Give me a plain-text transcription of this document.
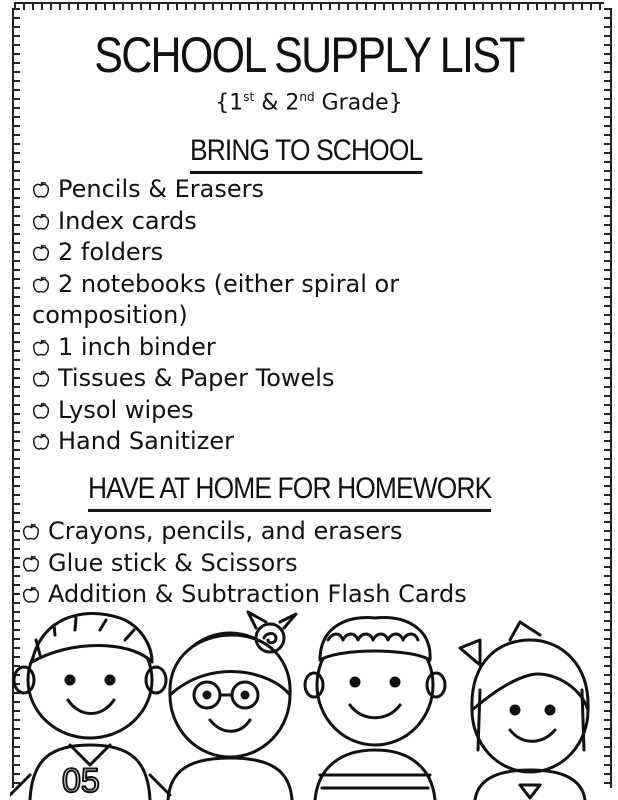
SCHOOL SUPPLY LIST
{1st & 2nd Grade}
BRING TO SCHOOL
Pencils & Erasers
Index cards
2 folders
2 notebooks (either spiral or
composition)
1 inch binder
Tissues & Paper Towels
Lysol wipes
Hand Sanitizer
HAVE AT HOME FOR HOMEWORK
Crayons, pencils, and erasers
Glue stick & Scissors
Addition & Subtraction Flash Cards
05
